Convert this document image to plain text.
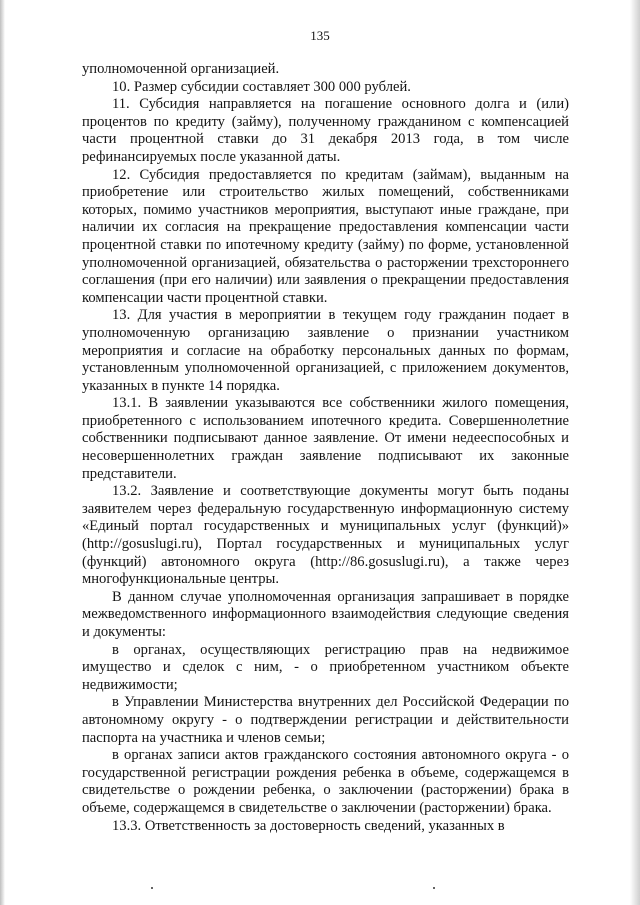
135

уполномоченной организацией.

10. Размер субсидии составляет 300 000 рублей.

11. Субсидия направляется на погашение основного долга и (или) процентов по кредиту (займу), полученному гражданином с компенсацией части процентной ставки до 31 декабря 2013 года, в том числе рефинансируемых после указанной даты.

12. Субсидия предоставляется по кредитам (займам), выданным на приобретение или строительство жилых помещений, собственниками которых, помимо участников мероприятия, выступают иные граждане, при наличии их согласия на прекращение предоставления компенсации части процентной ставки по ипотечному кредиту (займу) по форме, установленной уполномоченной организацией, обязательства о расторжении трехстороннего соглашения (при его наличии) или заявления о прекращении предоставления компенсации части процентной ставки.

13. Для участия в мероприятии в текущем году гражданин подает в уполномоченную организацию заявление о признании участником мероприятия и согласие на обработку персональных данных по формам, установленным уполномоченной организацией, с приложением документов, указанных в пункте 14 порядка.

13.1. В заявлении указываются все собственники жилого помещения, приобретенного с использованием ипотечного кредита. Совершеннолетние собственники подписывают данное заявление. От имени недееспособных и несовершеннолетних граждан заявление подписывают их законные представители.

13.2. Заявление и соответствующие документы могут быть поданы заявителем через федеральную государственную информационную систему «Единый портал государственных и муниципальных услуг (функций)» (http://gosuslugi.ru), Портал государственных и муниципальных услуг (функций) автономного округа (http://86.gosuslugi.ru), а также через многофункциональные центры.

В данном случае уполномоченная организация запрашивает в порядке межведомственного информационного взаимодействия следующие сведения и документы:

в органах, осуществляющих регистрацию прав на недвижимое имущество и сделок с ним, - о приобретенном участником объекте недвижимости;

в Управлении Министерства внутренних дел Российской Федерации по автономному округу - о подтверждении регистрации и действительности паспорта на участника и членов семьи;

в органах записи актов гражданского состояния автономного округа - о государственной регистрации рождения ребенка в объеме, содержащемся в свидетельстве о рождении ребенка, о заключении (расторжении) брака в объеме, содержащемся в свидетельстве о заключении (расторжении) брака.

13.3. Ответственность за достоверность сведений, указанных в
